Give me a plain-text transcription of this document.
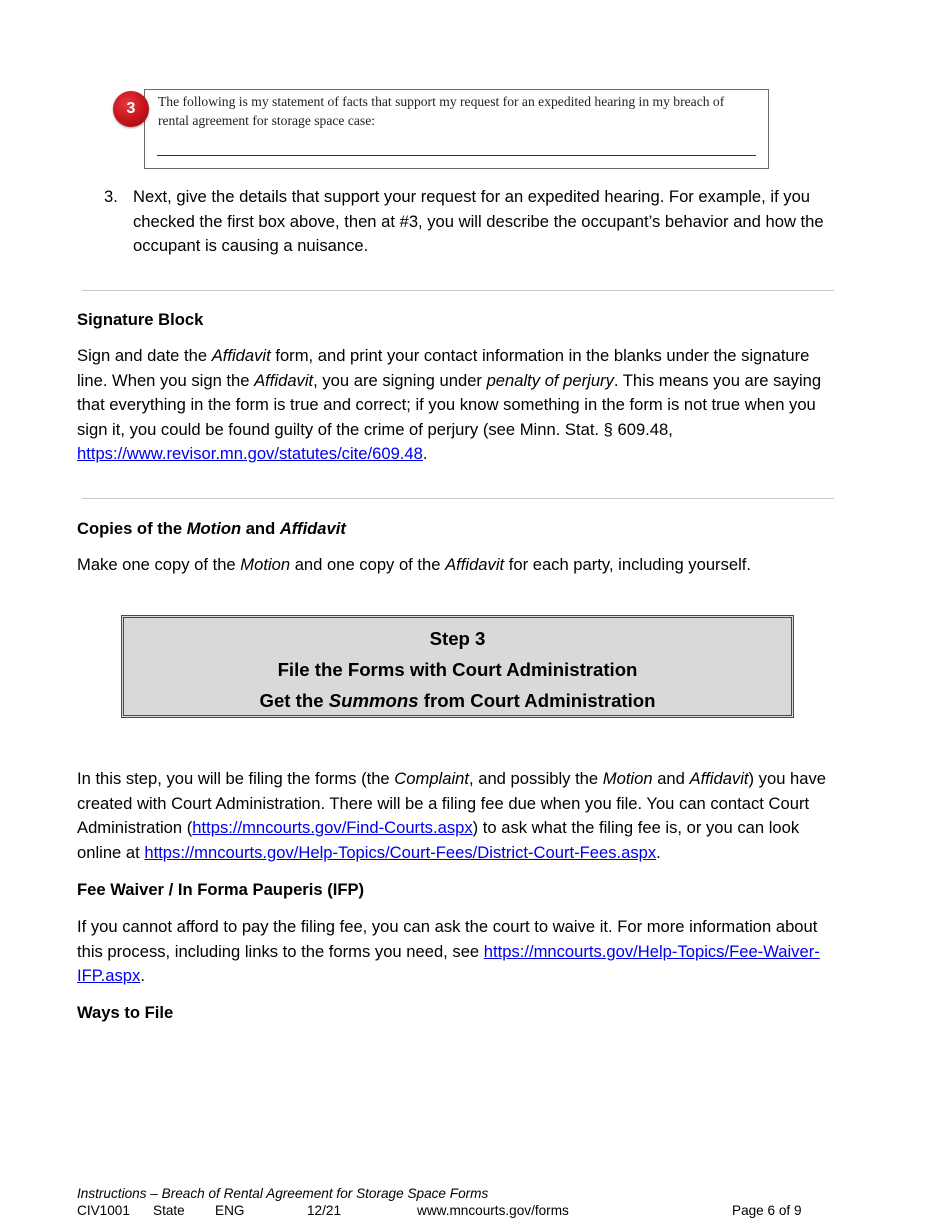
The following is my statement of facts that support my request for an expedited hearing in my breach of rental agreement for storage space case:
3
3. Next, give the details that support your request for an expedited hearing. For example, if you checked the first box above, then at #3, you will describe the occupant’s behavior and how the occupant is causing a nuisance.
Signature Block
Sign and date the Affidavit form, and print your contact information in the blanks under the signature line. When you sign the Affidavit, you are signing under penalty of perjury. This means you are saying that everything in the form is true and correct; if you know something in the form is not true when you sign it, you could be found guilty of the crime of perjury (see Minn. Stat. § 609.48, https://www.revisor.mn.gov/statutes/cite/609.48.
Copies of the Motion and Affidavit
Make one copy of the Motion and one copy of the Affidavit for each party, including yourself.
Step 3
File the Forms with Court Administration
Get the Summons from Court Administration
In this step, you will be filing the forms (the Complaint, and possibly the Motion and Affidavit) you have created with Court Administration. There will be a filing fee due when you file. You can contact Court Administration (https://mncourts.gov/Find-Courts.aspx) to ask what the filing fee is, or you can look online at https://mncourts.gov/Help-Topics/Court-Fees/District-Court-Fees.aspx.
Fee Waiver / In Forma Pauperis (IFP)
If you cannot afford to pay the filing fee, you can ask the court to waive it. For more information about this process, including links to the forms you need, see https://mncourts.gov/Help-Topics/Fee-Waiver-IFP.aspx.
Ways to File
Instructions – Breach of Rental Agreement for Storage Space Forms
CIV1001 State ENG	12/21	www.mncourts.gov/forms	Page 6 of 9
